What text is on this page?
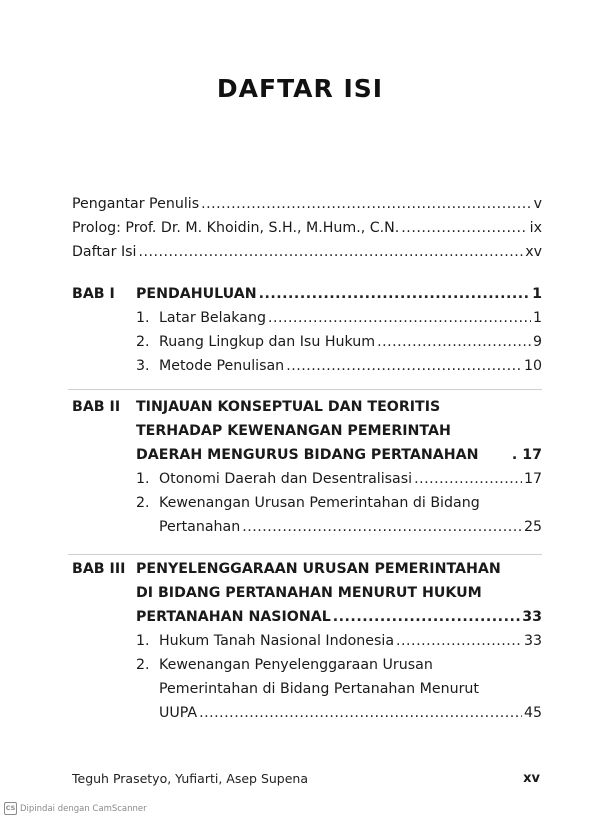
DAFTAR ISI
Pengantar Penulis .....	v
Prolog: Prof. Dr. M. Khoidin, S.H., M.Hum., C.N. .....	ix
Daftar Isi .....	xv
BAB I PENDAHULUAN .....	1
1. Latar Belakang .....	1
2. Ruang Lingkup dan Isu Hukum .....	9
3. Metode Penulisan .....	10
BAB II TINJAUAN KONSEPTUAL DAN TEORITIS
TERHADAP KEWENANGAN PEMERINTAH
DAERAH MENGURUS BIDANG PERTANAHAN . 17
1. Otonomi Daerah dan Desentralisasi .....	17
2. Kewenangan Urusan Pemerintahan di Bidang
Pertanahan .....	25
BAB III PENYELENGGARAAN URUSAN PEMERINTAHAN
DI BIDANG PERTANAHAN MENURUT HUKUM
PERTANAHAN NASIONAL .....	33
1. Hukum Tanah Nasional Indonesia .....	33
2. Kewenangan Penyelenggaraan Urusan
Pemerintahan di Bidang Pertanahan Menurut
UUPA .....	45
Teguh Prasetyo, Yufiarti, Asep Supena	xv
CS Dipindai dengan CamScanner
